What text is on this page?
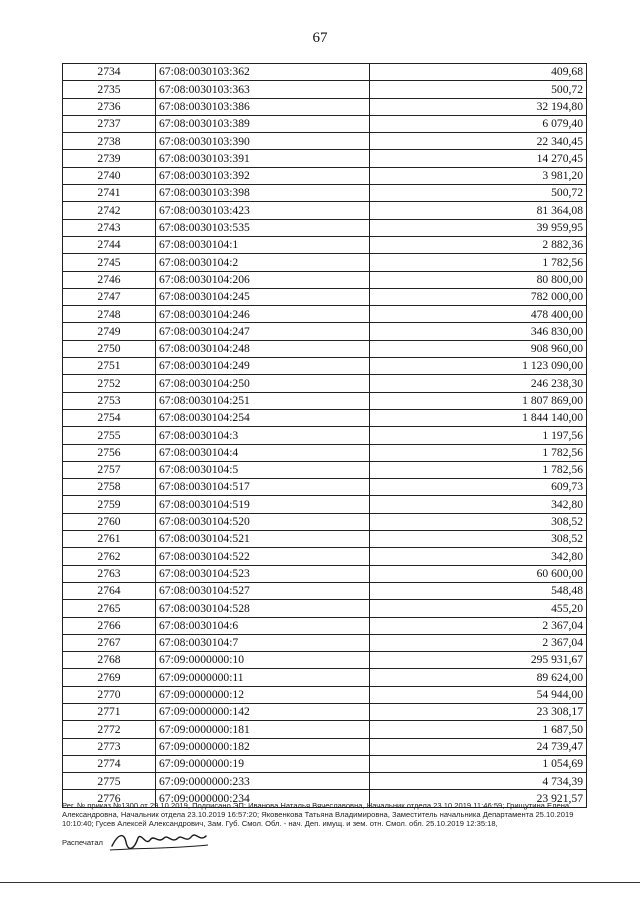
67
2734	67:08:0030103:362	409,68
2735	67:08:0030103:363	500,72
2736	67:08:0030103:386	32 194,80
2737	67:08:0030103:389	6 079,40
2738	67:08:0030103:390	22 340,45
2739	67:08:0030103:391	14 270,45
2740	67:08:0030103:392	3 981,20
2741	67:08:0030103:398	500,72
2742	67:08:0030103:423	81 364,08
2743	67:08:0030103:535	39 959,95
2744	67:08:0030104:1	2 882,36
2745	67:08:0030104:2	1 782,56
2746	67:08:0030104:206	80 800,00
2747	67:08:0030104:245	782 000,00
2748	67:08:0030104:246	478 400,00
2749	67:08:0030104:247	346 830,00
2750	67:08:0030104:248	908 960,00
2751	67:08:0030104:249	1 123 090,00
2752	67:08:0030104:250	246 238,30
2753	67:08:0030104:251	1 807 869,00
2754	67:08:0030104:254	1 844 140,00
2755	67:08:0030104:3	1 197,56
2756	67:08:0030104:4	1 782,56
2757	67:08:0030104:5	1 782,56
2758	67:08:0030104:517	609,73
2759	67:08:0030104:519	342,80
2760	67:08:0030104:520	308,52
2761	67:08:0030104:521	308,52
2762	67:08:0030104:522	342,80
2763	67:08:0030104:523	60 600,00
2764	67:08:0030104:527	548,48
2765	67:08:0030104:528	455,20
2766	67:08:0030104:6	2 367,04
2767	67:08:0030104:7	2 367,04
2768	67:09:0000000:10	295 931,67
2769	67:09:0000000:11	89 624,00
2770	67:09:0000000:12	54 944,00
2771	67:09:0000000:142	23 308,17
2772	67:09:0000000:181	1 687,50
2773	67:09:0000000:182	24 739,47
2774	67:09:0000000:19	1 054,69
2775	67:09:0000000:233	4 734,39
2776	67:09:0000000:234	23 921,57
Рег. № приказ №1300 от 29.10.2019, Подписано ЭП: Иванова Наталья Вячеславовна, Начальник отдела 23.10.2019 11:46:59; Грищутина Елена Александровна, Начальник отдела 23.10.2019 16:57:20; Яковенкова Татьяна Владимировна, Заместитель начальника Департамента 25.10.2019 10:10:40; Гусев Алексей Александрович, Зам. Губ. Смол. Обл. - нач. Деп. имущ. и зем. отн. Смол. обл. 25.10.2019 12:35:18,
Распечатал
